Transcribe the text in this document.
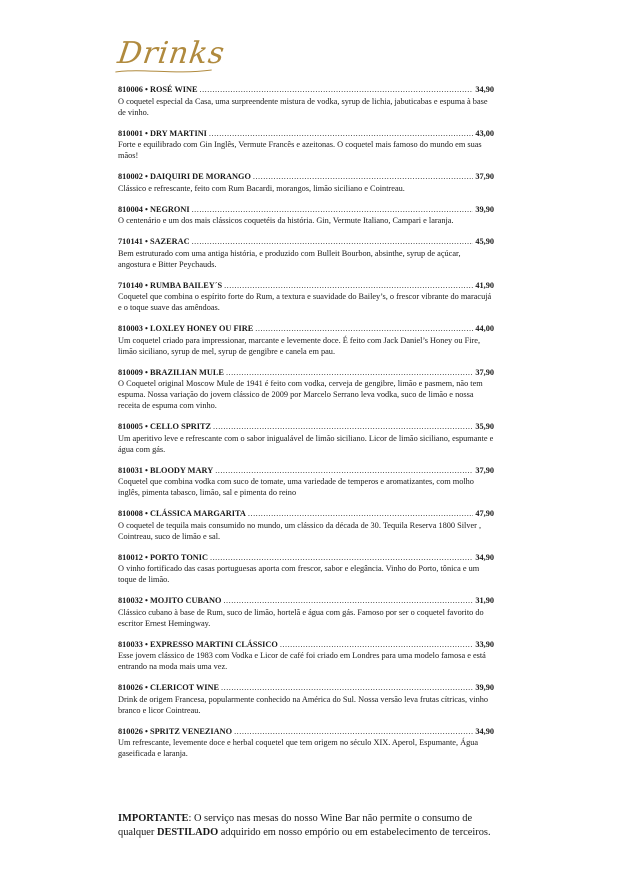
Drinks
810006 • ROSÉ WINE .....	34,90
O coquetel especial da Casa, uma surpreendente mistura de vodka, syrup de lichia, jabuticabas e espuma à base de vinho.
810001 • DRY MARTINI .....	43,00
Forte e equilibrado com Gin Inglês, Vermute Francês e azeitonas. O coquetel mais famoso do mundo em suas mãos!
810002 • DAIQUIRI DE MORANGO .....	37,90
Clássico e refrescante, feito com Rum Bacardi, morangos, limão siciliano e Cointreau.
810004 • NEGRONI .....	39,90
O centenário e um dos mais clássicos coquetéis da história. Gin, Vermute Italiano, Campari e laranja.
710141 • SAZERAC .....	45,90
Bem estruturado com uma antiga história, e produzido com Bulleit Bourbon, absinthe, syrup de açúcar, angostura e Bitter Peychauds.
710140 • RUMBA BAILEY´S .....	41,90
Coquetel que combina o espírito forte do Rum, a textura e suavidade do Bailey’s, o frescor vibrante do maracujá e o toque suave das amêndoas.
810003 • LOXLEY HONEY OU FIRE .....	44,00
Um coquetel criado para impressionar, marcante e levemente doce. É feito com Jack Daniel’s Honey ou Fire, limão siciliano, syrup de mel, syrup de gengibre e canela em pau.
810009 • BRAZILIAN MULE .....	37,90
O Coquetel original Moscow Mule de 1941 é feito com vodka, cerveja de gengibre, limão e pasmem, não tem espuma. Nossa variação do jovem clássico de 2009 por Marcelo Serrano leva vodka, suco de limão e nossa receita de espuma com vinho.
810005 • CELLO SPRITZ .....	35,90
Um aperitivo leve e refrescante com o sabor inigualável de limão siciliano. Licor de limão siciliano, espumante e água com gás.
810031 • BLOODY MARY .....	37,90
Coquetel que combina vodka com suco de tomate, uma variedade de temperos e aromatizantes, com molho inglês, pimenta tabasco, limão, sal e pimenta do reino
810008 • CLÁSSICA MARGARITA .....	47,90
O coquetel de tequila mais consumido no mundo, um clássico da década de 30. Tequila Reserva 1800 Silver , Cointreau, suco de limão e sal.
810012 • PORTO TONIC .....	34,90
O vinho fortificado das casas portuguesas aporta com frescor, sabor e elegância. Vinho do Porto, tônica e um toque de limão.
810032 • MOJITO CUBANO .....	31,90
Clássico cubano à base de Rum, suco de limão, hortelã e água com gás. Famoso por ser o coquetel favorito do escritor Ernest Hemingway.
810033 • EXPRESSO MARTINI CLÁSSICO .....	33,90
Esse jovem clássico de 1983 com Vodka e Licor de café foi criado em Londres para uma modelo famosa e está entrando na moda mais uma vez.
810026 • CLERICOT WINE .....	39,90
Drink de origem Francesa, popularmente conhecido na América do Sul. Nossa versão leva frutas cítricas, vinho branco e licor Cointreau.
810026 • SPRITZ VENEZIANO .....	34,90
Um refrescante, levemente doce e herbal coquetel que tem origem no século XIX. Aperol, Espumante, Água gaseificada e laranja.
IMPORTANTE: O serviço nas mesas do nosso Wine Bar não permite o consumo de qualquer DESTILADO adquirido em nosso empório ou em estabelecimento de terceiros.
